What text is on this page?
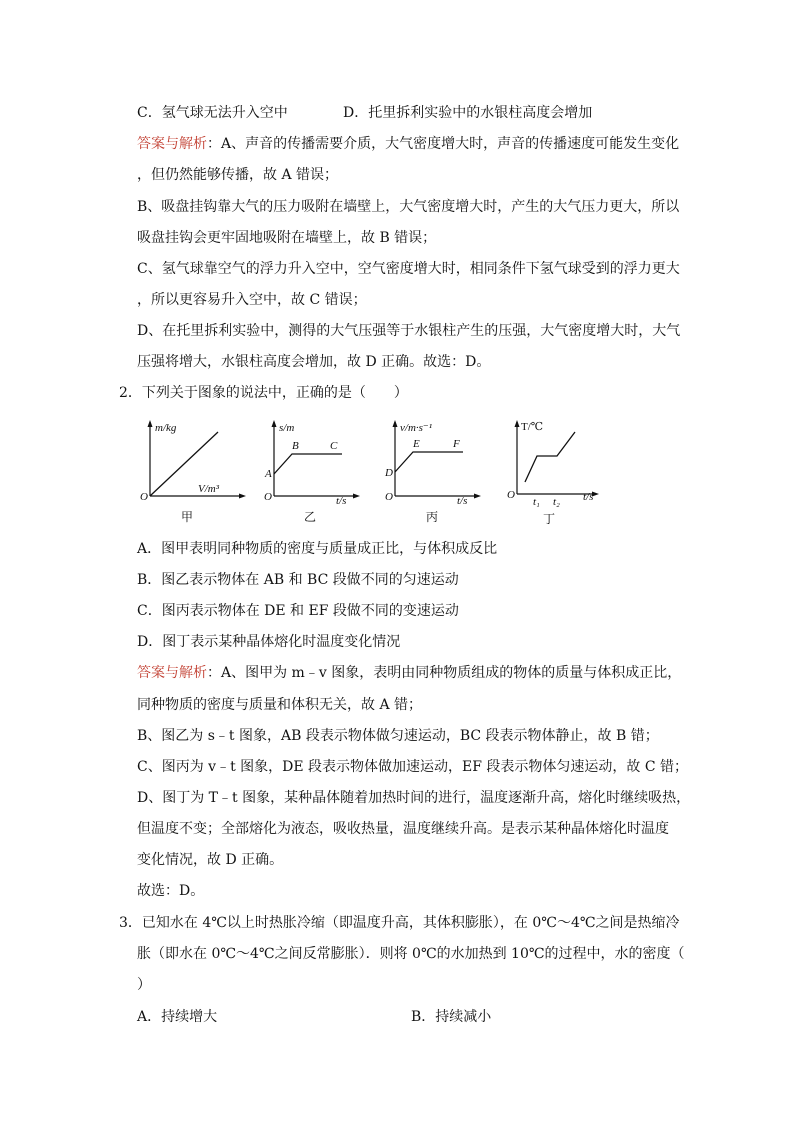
C．氢气球无法升入空中	D．托里拆利实验中的水银柱高度会增加
答案与解析：A、声音的传播需要介质，大气密度增大时，声音的传播速度可能发生变化
，但仍然能够传播，故 A 错误；
B、吸盘挂钩靠大气的压力吸附在墙壁上，大气密度增大时，产生的大气压力更大，所以
吸盘挂钩会更牢固地吸附在墙壁上，故 B 错误；
C、氢气球靠空气的浮力升入空中，空气密度增大时，相同条件下氢气球受到的浮力更大
，所以更容易升入空中，故 C 错误；
D、在托里拆利实验中，测得的大气压强等于水银柱产生的压强，大气密度增大时，大气
压强将增大，水银柱高度会增加，故 D 正确。故选：D。
2．下列关于图象的说法中，正确的是（　　）
m/kg
O
V/m³
甲
s/m
O	t/s
A
B	C
乙
v/m·s⁻¹
O	t/s
D
E	F
丙
T/℃
O	t/s
t₁ t₂
丁
A．图甲表明同种物质的密度与质量成正比，与体积成反比
B．图乙表示物体在 AB 和 BC 段做不同的匀速运动
C．图丙表示物体在 DE 和 EF 段做不同的变速运动
D．图丁表示某种晶体熔化时温度变化情况
答案与解析：A、图甲为 m﹣v 图象，表明由同种物质组成的物体的质量与体积成正比，
同种物质的密度与质量和体积无关，故 A 错；
B、图乙为 s﹣t 图象，AB 段表示物体做匀速运动，BC 段表示物体静止，故 B 错；
C、图丙为 v﹣t 图象，DE 段表示物体做加速运动，EF 段表示物体匀速运动，故 C 错；
D、图丁为 T﹣t 图象，某种晶体随着加热时间的进行，温度逐渐升高，熔化时继续吸热，
但温度不变；全部熔化为液态，吸收热量，温度继续升高。是表示某种晶体熔化时温度
变化情况，故 D 正确。
故选：D。
3．已知水在 4℃以上时热胀冷缩（即温度升高，其体积膨胀），在 0℃～4℃之间是热缩冷
胀（即水在 0℃～4℃之间反常膨胀）．则将 0℃的水加热到 10℃的过程中，水的密度（
）
A．持续增大	B．持续减小
